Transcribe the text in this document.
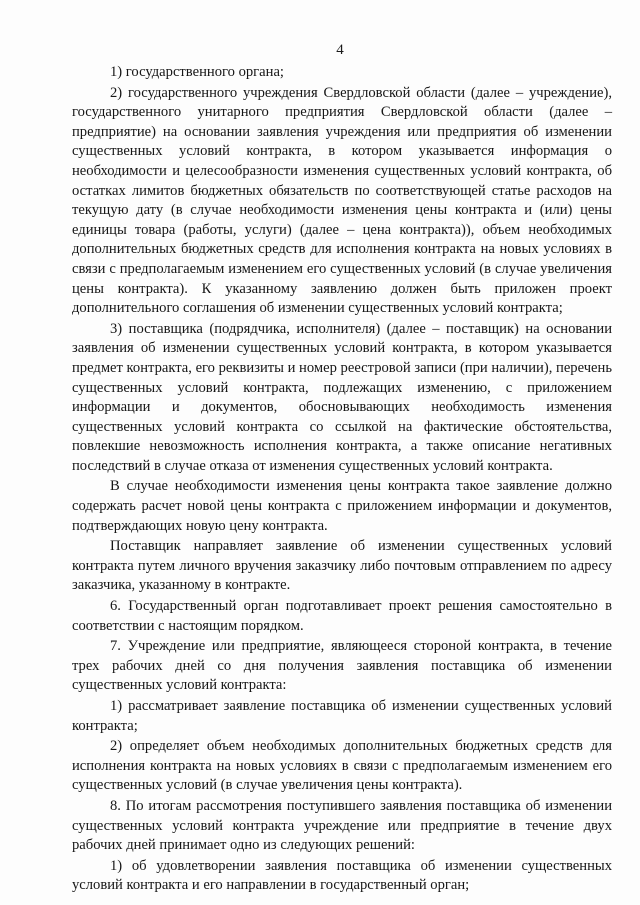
4

1) государственного органа;

2) государственного учреждения Свердловской области (далее – учреждение), государственного унитарного предприятия Свердловской области (далее – предприятие) на основании заявления учреждения или предприятия об изменении существенных условий контракта, в котором указывается информация о необходимости и целесообразности изменения существенных условий контракта, об остатках лимитов бюджетных обязательств по соответствующей статье расходов на текущую дату (в случае необходимости изменения цены контракта и (или) цены единицы товара (работы, услуги) (далее – цена контракта)), объем необходимых дополнительных бюджетных средств для исполнения контракта на новых условиях в связи с предполагаемым изменением его существенных условий (в случае увеличения цены контракта). К указанному заявлению должен быть приложен проект дополнительного соглашения об изменении существенных условий контракта;

3) поставщика (подрядчика, исполнителя) (далее – поставщик) на основании заявления об изменении существенных условий контракта, в котором указывается предмет контракта, его реквизиты и номер реестровой записи (при наличии), перечень существенных условий контракта, подлежащих изменению, с приложением информации и документов, обосновывающих необходимость изменения существенных условий контракта со ссылкой на фактические обстоятельства, повлекшие невозможность исполнения контракта, а также описание негативных последствий в случае отказа от изменения существенных условий контракта.

В случае необходимости изменения цены контракта такое заявление должно содержать расчет новой цены контракта с приложением информации и документов, подтверждающих новую цену контракта.

Поставщик направляет заявление об изменении существенных условий контракта путем личного вручения заказчику либо почтовым отправлением по адресу заказчика, указанному в контракте.

6. Государственный орган подготавливает проект решения самостоятельно в соответствии с настоящим порядком.

7. Учреждение или предприятие, являющееся стороной контракта, в течение трех рабочих дней со дня получения заявления поставщика об изменении существенных условий контракта:

1) рассматривает заявление поставщика об изменении существенных условий контракта;

2) определяет объем необходимых дополнительных бюджетных средств для исполнения контракта на новых условиях в связи с предполагаемым изменением его существенных условий (в случае увеличения цены контракта).

8. По итогам рассмотрения поступившего заявления поставщика об изменении существенных условий контракта учреждение или предприятие в течение двух рабочих дней принимает одно из следующих решений:

1) об удовлетворении заявления поставщика об изменении существенных условий контракта и его направлении в государственный орган;
